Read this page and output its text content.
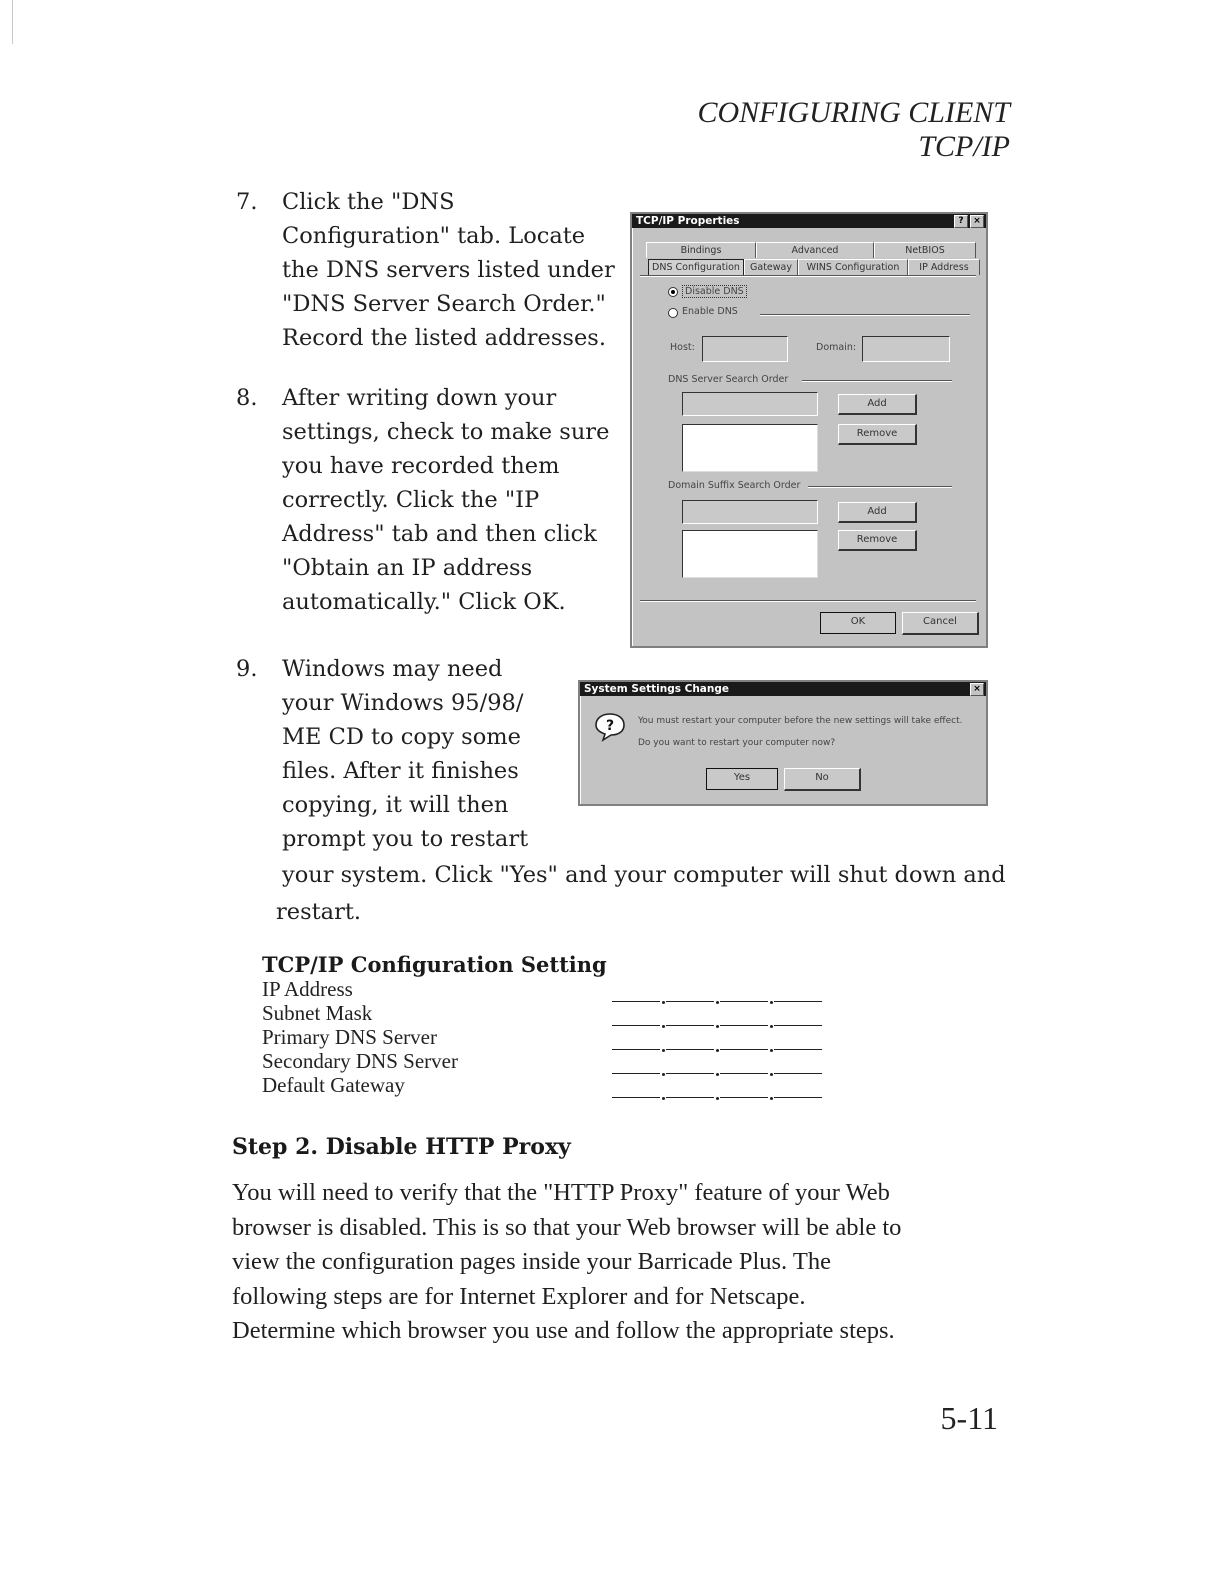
CONFIGURING CLIENT TCP/IP
7.	Click the "DNS
Configuration" tab. Locate
the DNS servers listed under
"DNS Server Search Order."
Record the listed addresses.
8.	After writing down your
settings, check to make sure
you have recorded them
correctly. Click the "IP
Address" tab and then click
"Obtain an IP address
automatically." Click OK.
9.	Windows may need
your Windows 95/98/
ME CD to copy some
files. After it finishes
copying, it will then
prompt you to restart
your system. Click "Yes" and your computer will shut down and
restart.
TCP/IP Properties	?	×
Bindings	Advanced	NetBIOS
DNS Configuration	Gateway	WINS Configuration	IP Address
Disable DNS
Enable DNS
Host:	Domain:
DNS Server Search Order
Add
Remove
Domain Suffix Search Order
Add
Remove
OK	Cancel
System Settings Change	×
?	You must restart your computer before the new settings will take effect.
Do you want to restart your computer now?
Yes	No
TCP/IP Configuration Setting
IP Address
Subnet Mask
Primary DNS Server
Secondary DNS Server
Default Gateway
Step 2. Disable HTTP Proxy
You will need to verify that the "HTTP Proxy" feature of your Web
browser is disabled. This is so that your Web browser will be able to
view the configuration pages inside your Barricade Plus. The
following steps are for Internet Explorer and for Netscape.
Determine which browser you use and follow the appropriate steps.
5-11
